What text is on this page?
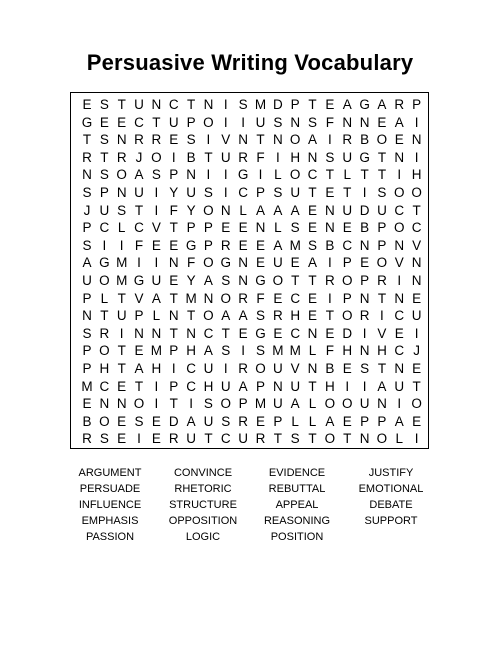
Persuasive Writing Vocabulary
E S T U N C T N I S M D P T E A G A R P
G E E C T U P O I	I U S N S F N N E A I
T S N R R E S I V N T N O A I R B O E N
R T R J O I B T U R F I H N S U G T N I
N S O A S P N I	I G I L O C T L T T I H
S P N U I Y U S I C P S U T E T I S O O
J U S T I F Y O N L A A A E N U D U C T
P C L C V T P P E E N L S E N E B P O C
S I	I F E E G P R E E A M S B C N P N V
A G M I	I N F O G N E U E A I P E O V N
U O M G U E Y A S N G O T T R O P R I N
P L T V A T M N O R F E C E I P N T N E
N T U P L N T O A A S R H E T O R I C U
S R I N N T N C T E G E C N E D I V E I
P O T E M P H A S I S M M L F H N H C J
P H T A H I C U I R O U V N B E S T N E
M C E T I P C H U A P N U T H I	I A U T
E N N O I T I S O P M U A L O O U N I O
B O E S E D A U S R E P L L A E P P A E
R S E I E R U T C U R T S T O T N O L I
ARGUMENT	CONVINCE	EVIDENCE	JUSTIFY
PERSUADE	RHETORIC	REBUTTAL	EMOTIONAL
INFLUENCE	STRUCTURE	APPEAL	DEBATE
EMPHASIS	OPPOSITION	REASONING	SUPPORT
PASSION	LOGIC	POSITION
